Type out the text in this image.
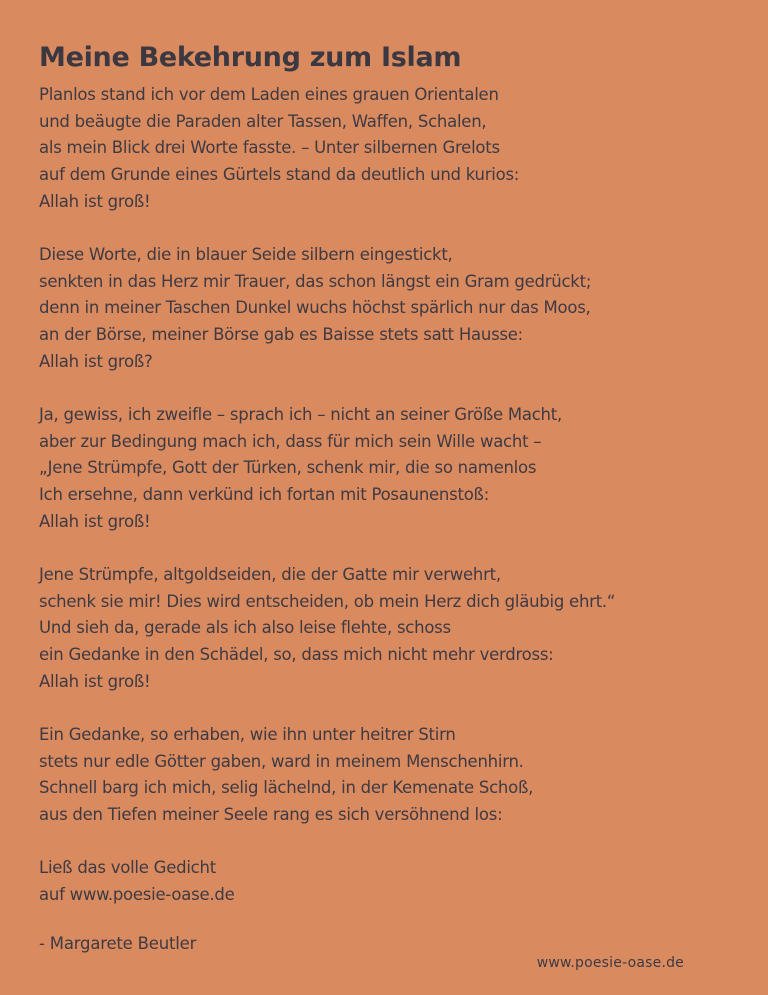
Meine Bekehrung zum Islam
Planlos stand ich vor dem Laden eines grauen Orientalen
und beäugte die Paraden alter Tassen, Waffen, Schalen,
als mein Blick drei Worte fasste. – Unter silbernen Grelots
auf dem Grunde eines Gürtels stand da deutlich und kurios:
Allah ist groß!
Diese Worte, die in blauer Seide silbern eingestickt,
senkten in das Herz mir Trauer, das schon längst ein Gram gedrückt;
denn in meiner Taschen Dunkel wuchs höchst spärlich nur das Moos,
an der Börse, meiner Börse gab es Baisse stets satt Hausse:
Allah ist groß?
Ja, gewiss, ich zweifle – sprach ich – nicht an seiner Größe Macht,
aber zur Bedingung mach ich, dass für mich sein Wille wacht –
„Jene Strümpfe, Gott der Türken, schenk mir, die so namenlos
Ich ersehne, dann verkünd ich fortan mit Posaunenstoß:
Allah ist groß!
Jene Strümpfe, altgoldseiden, die der Gatte mir verwehrt,
schenk sie mir! Dies wird entscheiden, ob mein Herz dich gläubig ehrt.“
Und sieh da, gerade als ich also leise flehte, schoss
ein Gedanke in den Schädel, so, dass mich nicht mehr verdross:
Allah ist groß!
Ein Gedanke, so erhaben, wie ihn unter heitrer Stirn
stets nur edle Götter gaben, ward in meinem Menschenhirn.
Schnell barg ich mich, selig lächelnd, in der Kemenate Schoß,
aus den Tiefen meiner Seele rang es sich versöhnend los:
Ließ das volle Gedicht
auf www.poesie-oase.de
- Margarete Beutler
www.poesie-oase.de
